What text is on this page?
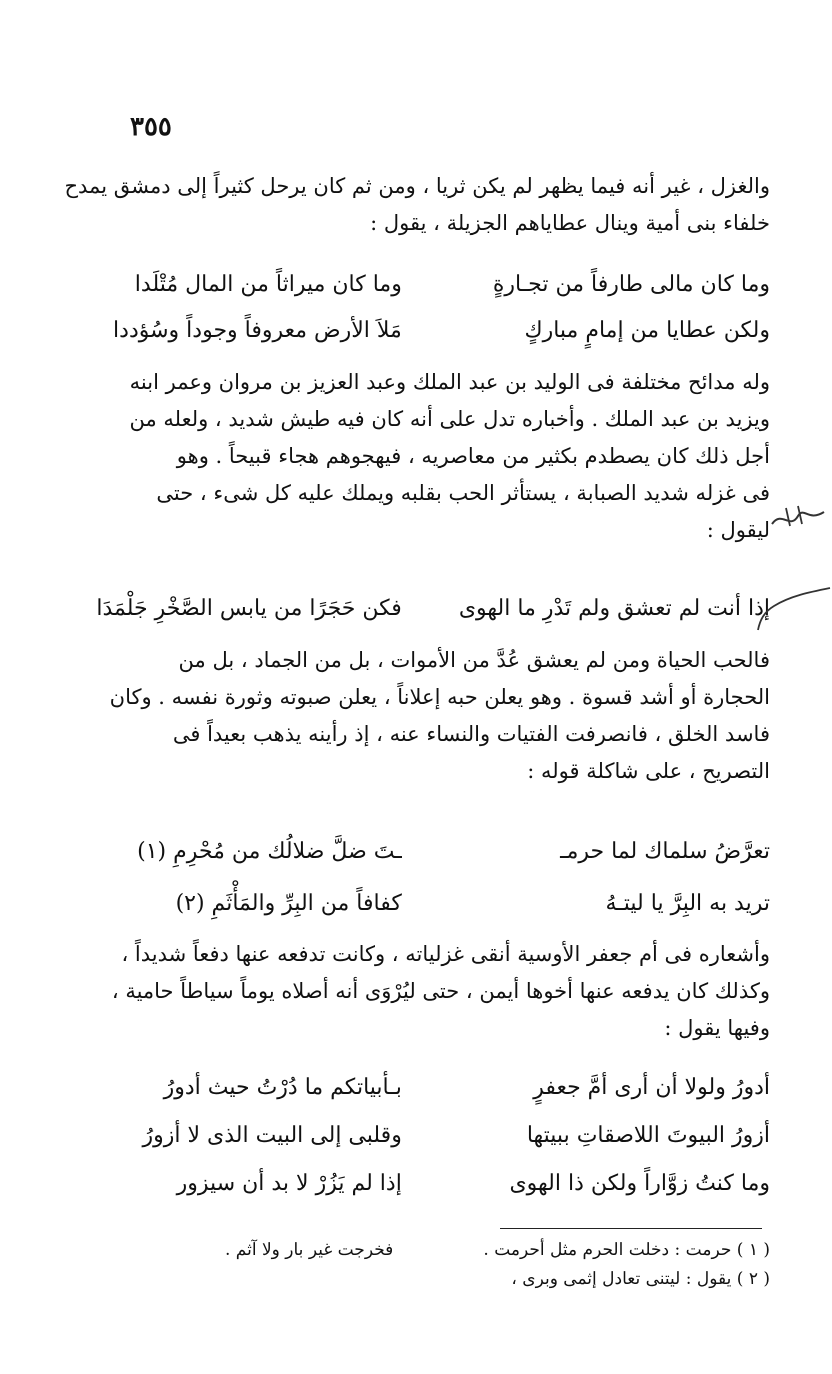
٣٥٥
والغزل ، غير أنه فيما يظهر لم يكن ثريا ، ومن ثم كان يرحل كثيراً إلى دمشق يمدح
خلفاء بنى أمية وينال عطاياهم الجزيلة ، يقول :
وما كان مالى طارفاً من تجـارةٍ
وما كان ميراثاً من المال مُتْلَدا
ولكن عطايا من إمامٍ مباركٍ
مَلاَ الأرض معروفاً وجوداً وسُؤددا
وله مدائح مختلفة فى الوليد بن عبد الملك وعبد العزيز بن مروان وعمر ابنه
ويزيد بن عبد الملك . وأخباره تدل على أنه كان فيه طيش شديد ، ولعله من
أجل ذلك كان يصطدم بكثير من معاصريه ، فيهجوهم هجاء قبيحاً . وهو
فى غزله شديد الصبابة ، يستأثر الحب بقلبه ويملك عليه كل شىء ، حتى
ليقول :
إذا أنت لم تعشق ولم تَدْرِ ما الهوى
فكن حَجَرًا من يابس الصَّخْرِ جَلْمَدَا
فالحب الحياة ومن لم يعشق عُدَّ من الأموات ، بل من الجماد ، بل من
الحجارة أو أشد قسوة . وهو يعلن حبه إعلاناً ، يعلن صبوته وثورة نفسه . وكان
فاسد الخلق ، فانصرفت الفتيات والنساء عنه ، إذ رأينه يذهب بعيداً فى
التصريح ، على شاكلة قوله :
تعرَّضُ سلماك لما حرمـ
ـتَ ضلَّ ضلالُك من مُحْرِمِ (١)
تريد به البِرَّ يا ليتـهُ
كفافاً من البِرِّ والمَأْثَمِ (٢)
وأشعاره فى أم جعفر الأوسية أنقى غزلياته ، وكانت تدفعه عنها دفعاً شديداً ،
وكذلك كان يدفعه عنها أخوها أيمن ، حتى ليُرْوَى أنه أصلاه يوماً سياطاً حامية ،
وفيها يقول :
أدورُ ولولا أن أرى أمَّ جعفرٍ
بـأبياتكم ما دُرْتُ حيث أدورُ
أزورُ البيوتَ اللاصقاتِ ببيتها
وقلبى إلى البيت الذى لا أزورُ
وما كنتُ زوَّاراً ولكن ذا الهوى
إذا لم يَزُرْ لا بد أن سيزور
( ١ ) حرمت : دخلت الحرم مثل أحرمت .
فخرجت غير بار ولا آثم .
( ٢ ) يقول : ليتنى تعادل إثمى وبرى ،
